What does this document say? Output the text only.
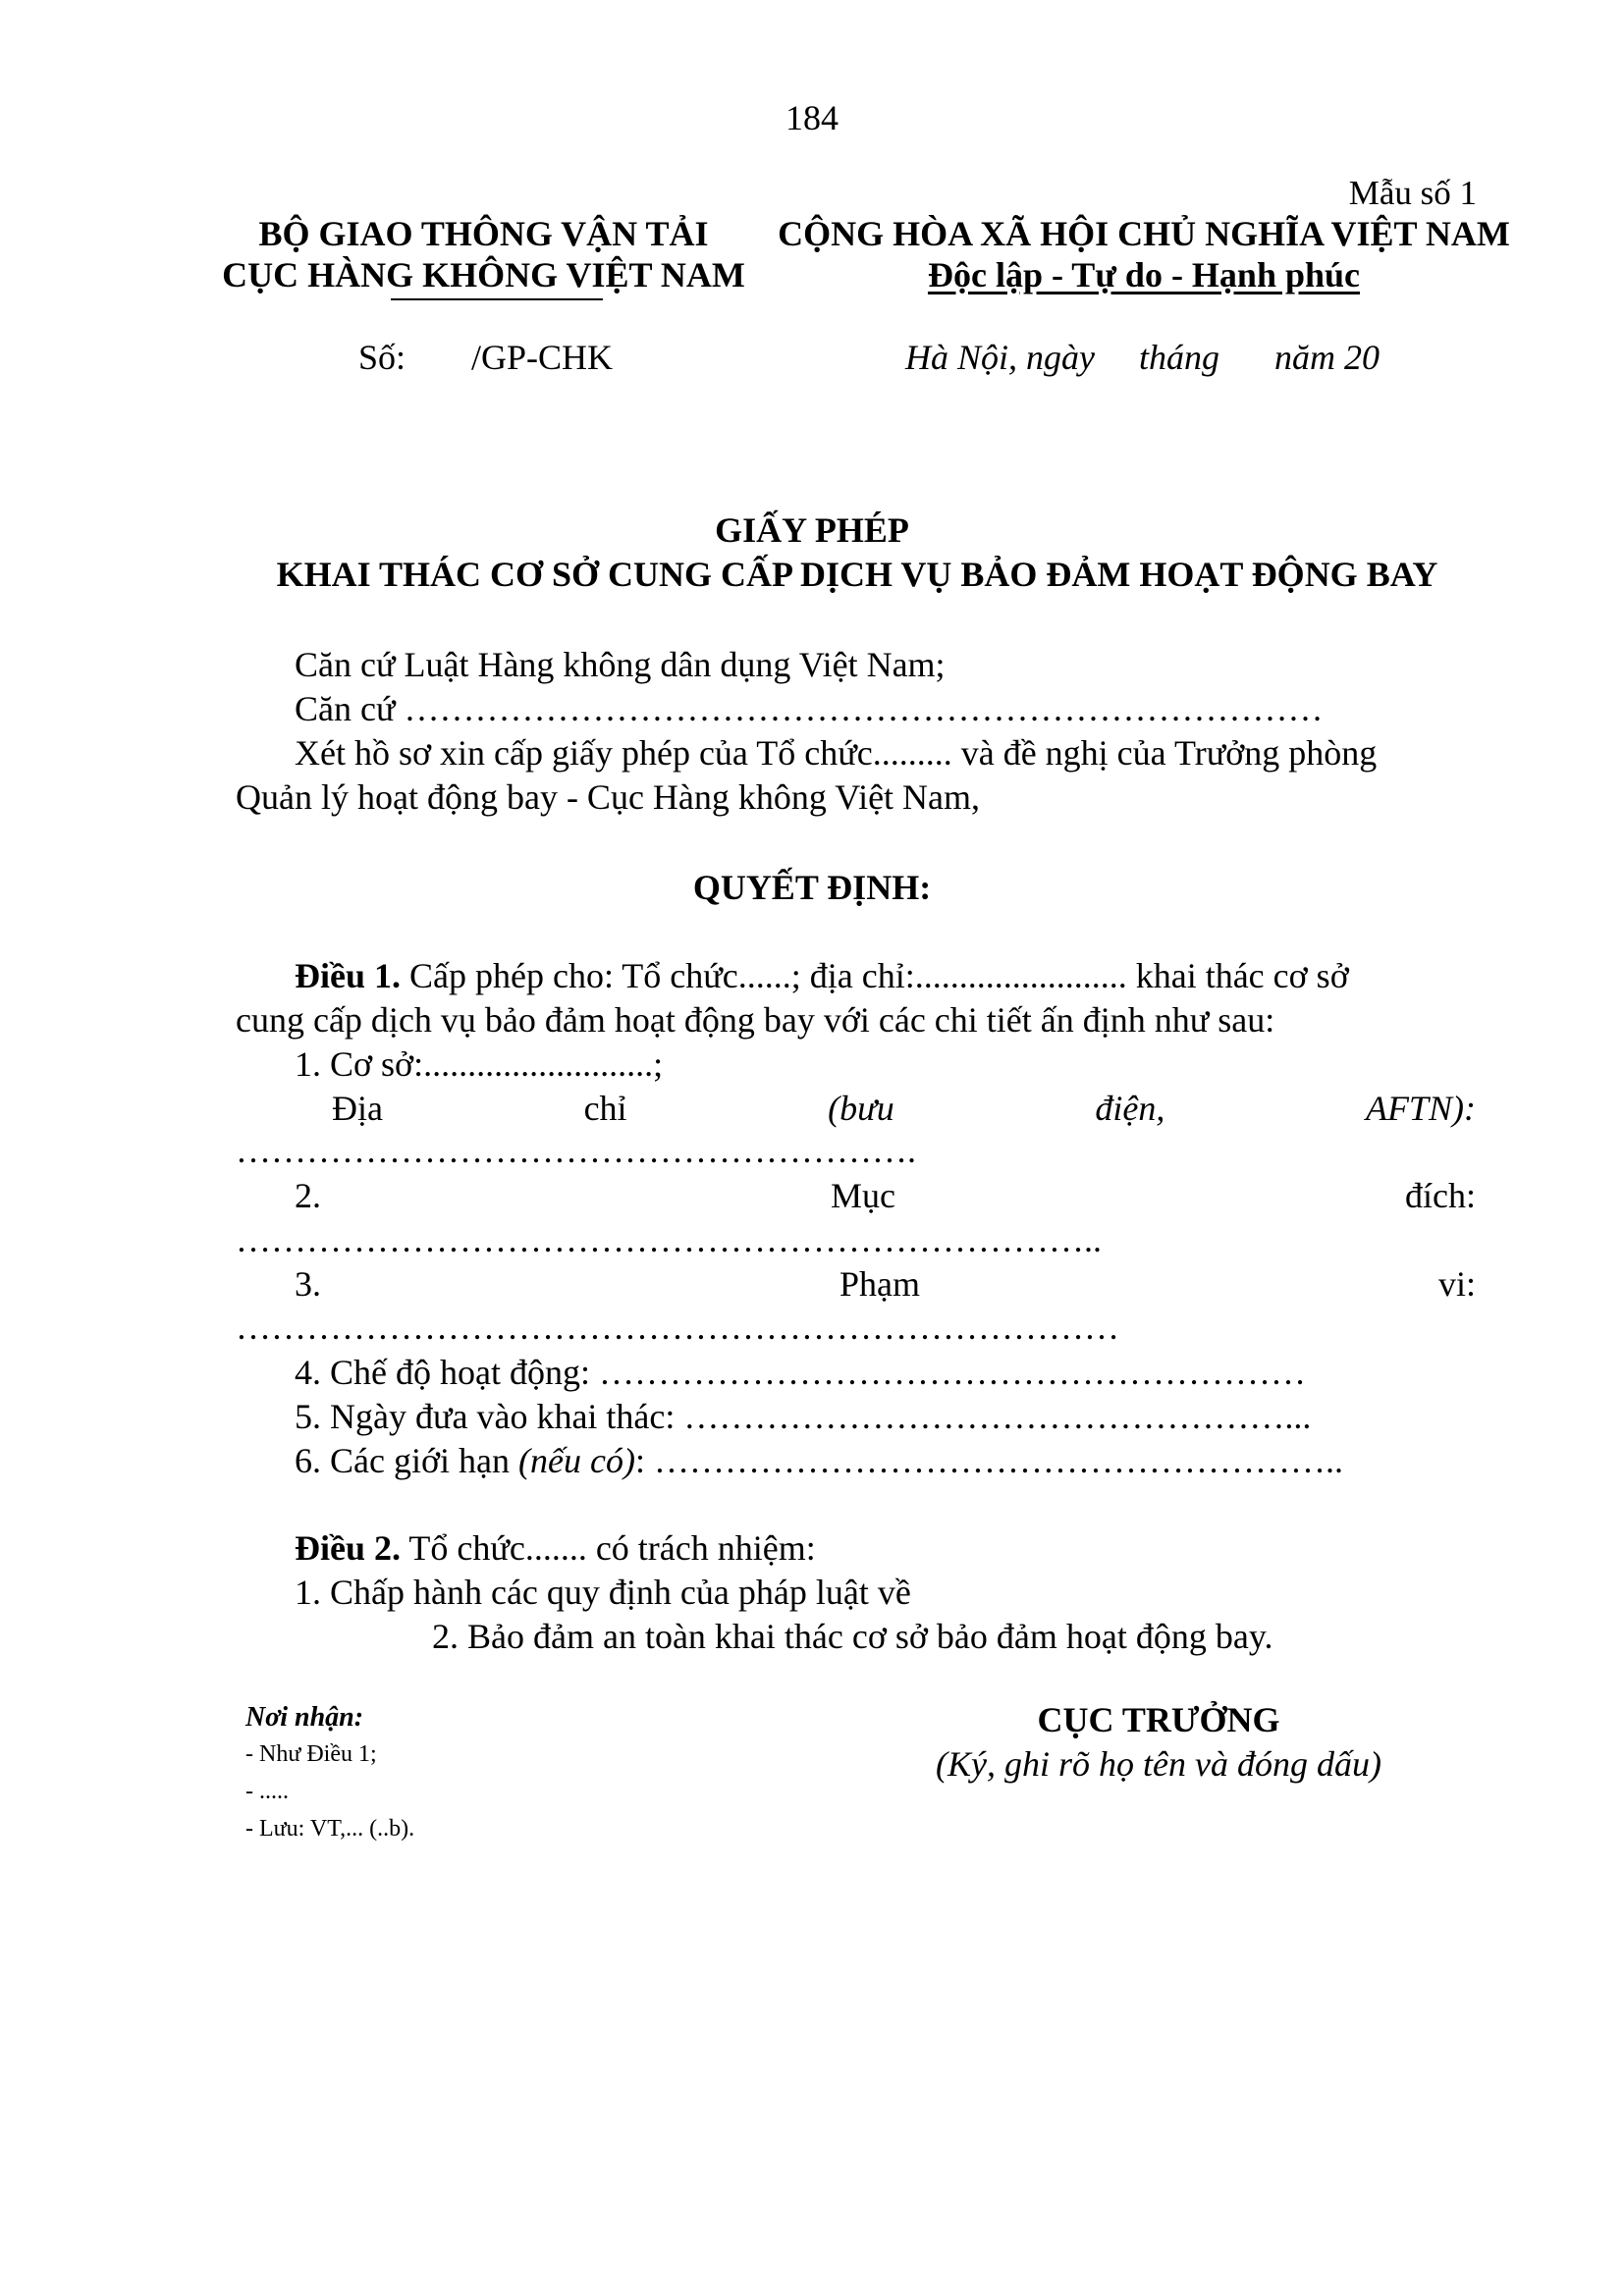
184
Mẫu số 1
BỘ GIAO THÔNG VẬN TẢI
CỤC HÀNG KHÔNG VIỆT NAM
CỘNG HÒA XÃ HỘI CHỦ NGHĨA VIỆT NAM
Độc lập - Tự do - Hạnh phúc
Số: /GP-CHK	Hà Nội, ngày tháng năm 20
GIẤY PHÉP
KHAI THÁC CƠ SỞ CUNG CẤP DỊCH VỤ BẢO ĐẢM HOẠT ĐỘNG BAY
Căn cứ Luật Hàng không dân dụng Việt Nam;
Căn cứ ……………………………………………………………………
Xét hồ sơ xin cấp giấy phép của Tổ chức......... và đề nghị của Trưởng phòng
Quản lý hoạt động bay - Cục Hàng không Việt Nam,
QUYẾT ĐỊNH:
Điều 1. Cấp phép cho: Tổ chức......; địa chỉ:........................ khai thác cơ sở
cung cấp dịch vụ bảo đảm hoạt động bay với các chi tiết ấn định như sau:
1. Cơ sở:..........................;
Địa	chỉ	(bưu	điện,	AFTN):
………………………………………………….
2.	Mục	đích:
………………………………………………………………..
3.	Phạm	vi:
…………………………………………………………………
4. Chế độ hoạt động: ……………………………………………………
5. Ngày đưa vào khai thác: ……………………………………………...
6. Các giới hạn (nếu có): …………………………………………………..
Điều 2. Tổ chức....... có trách nhiệm:
1. Chấp hành các quy định của pháp luật về
2. Bảo đảm an toàn khai thác cơ sở bảo đảm hoạt động bay.
Nơi nhận:
- Như Điều 1;
- .....
- Lưu: VT,... (..b).
CỤC TRƯỞNG
(Ký, ghi rõ họ tên và đóng dấu)
